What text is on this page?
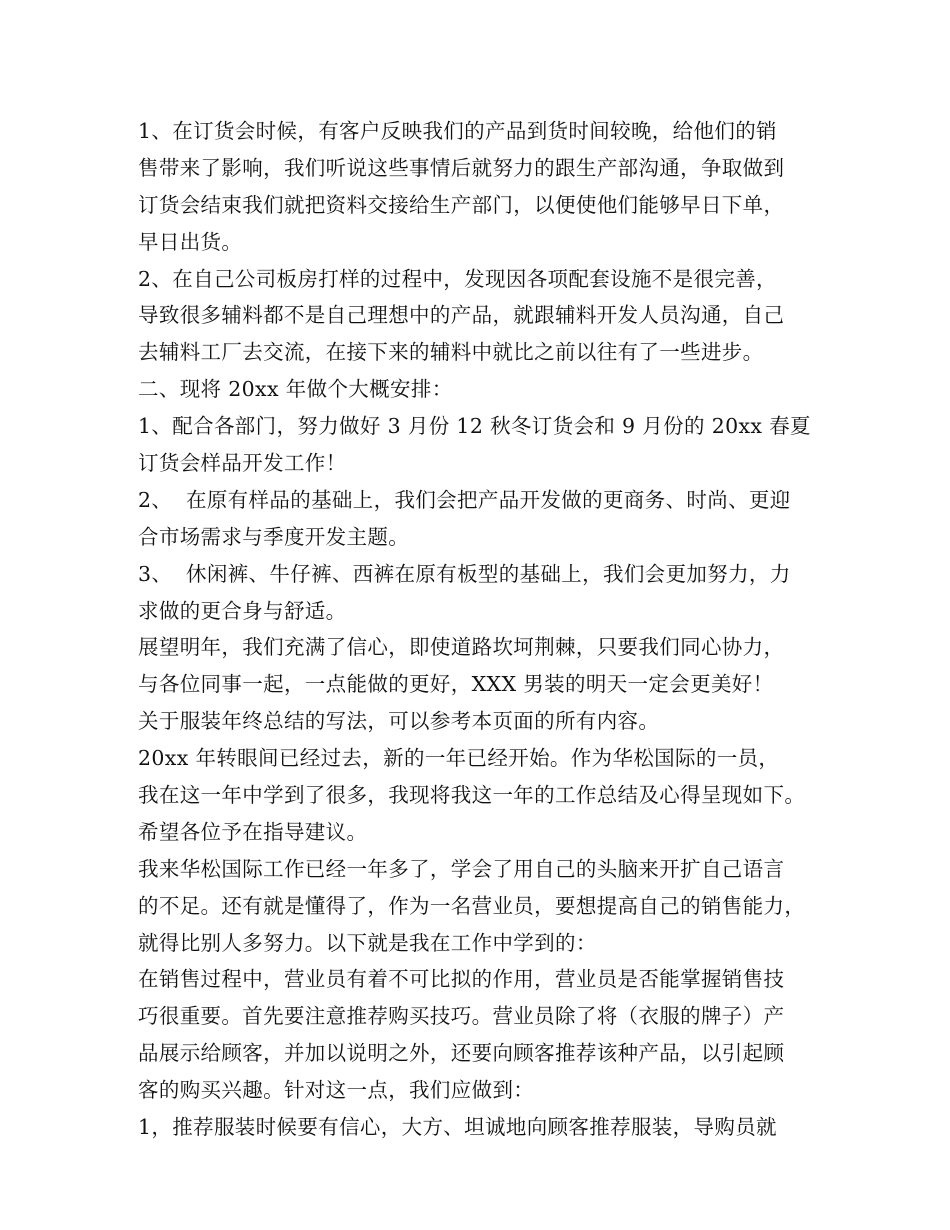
1、在订货会时候，有客户反映我们的产品到货时间较晚，给他们的销
售带来了影响，我们听说这些事情后就努力的跟生产部沟通，争取做到
订货会结束我们就把资料交接给生产部门，以便使他们能够早日下单，
早日出货。
2、在自己公司板房打样的过程中，发现因各项配套设施不是很完善，
导致很多辅料都不是自己理想中的产品，就跟辅料开发人员沟通，自己
去辅料工厂去交流，在接下来的辅料中就比之前以往有了一些进步。
二、现将 20xx 年做个大概安排：
1、配合各部门，努力做好 3 月份 12 秋冬订货会和 9 月份的 20xx 春夏
订货会样品开发工作！
2、  在原有样品的基础上，我们会把产品开发做的更商务、时尚、更迎
合市场需求与季度开发主题。
3、  休闲裤、牛仔裤、西裤在原有板型的基础上，我们会更加努力，力
求做的更合身与舒适。
展望明年，我们充满了信心，即使道路坎坷荆棘，只要我们同心协力，
与各位同事一起，一点能做的更好，XXX 男装的明天一定会更美好！
关于服装年终总结的写法，可以参考本页面的所有内容。
20xx 年转眼间已经过去，新的一年已经开始。作为华松国际的一员，
我在这一年中学到了很多，我现将我这一年的工作总结及心得呈现如下。
希望各位予在指导建议。
我来华松国际工作已经一年多了，学会了用自己的头脑来开扩自己语言
的不足。还有就是懂得了，作为一名营业员，要想提高自己的销售能力，
就得比别人多努力。以下就是我在工作中学到的：
在销售过程中，营业员有着不可比拟的作用，营业员是否能掌握销售技
巧很重要。首先要注意推荐购买技巧。营业员除了将（衣服的牌子）产
品展示给顾客，并加以说明之外，还要向顾客推荐该种产品，以引起顾
客的购买兴趣。针对这一点，我们应做到：
1，推荐服装时候要有信心，大方、坦诚地向顾客推荐服装，导购员就
